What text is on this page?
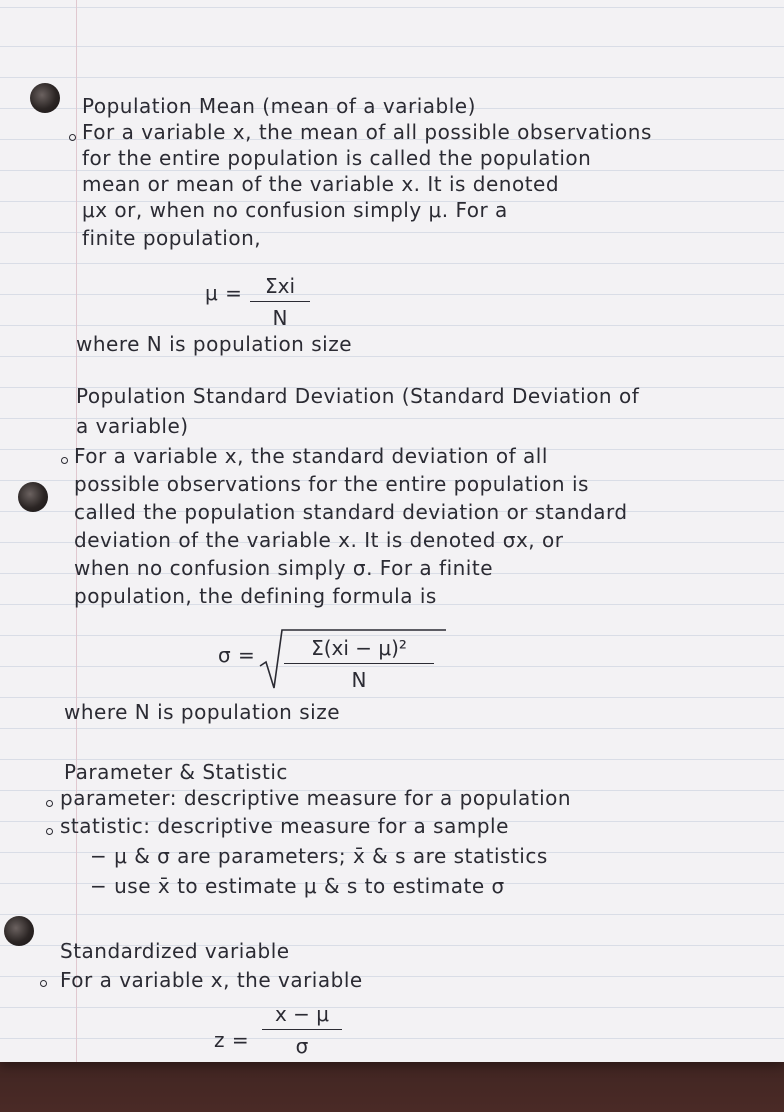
Population Mean (mean of a variable)
For a variable x, the mean of all possible observations
for the entire population is called the population
mean or mean of the variable x. It is denoted
μx or, when no confusion simply μ. For a
finite population,
μ =	Σxi
N
where N is population size
Population Standard Deviation (Standard Deviation of
a variable)
For a variable x, the standard deviation of all
possible observations for the entire population is
called the population standard deviation or standard
deviation of the variable x. It is denoted σx, or
when no confusion simply σ. For a finite
population, the defining formula is
$\sigma = \frac{\text{Σ(xi − μ)²}}{N}$
where N is population size
Parameter & Statistic
parameter: descriptive measure for a population
statistic: descriptive measure for a sample
− μ & σ are parameters; x̄ & s are statistics
− use x̄ to estimate μ & s to estimate σ
Standardized variable
For a variable x, the variable
$z = \frac{x - \mu}{\sigma}$
